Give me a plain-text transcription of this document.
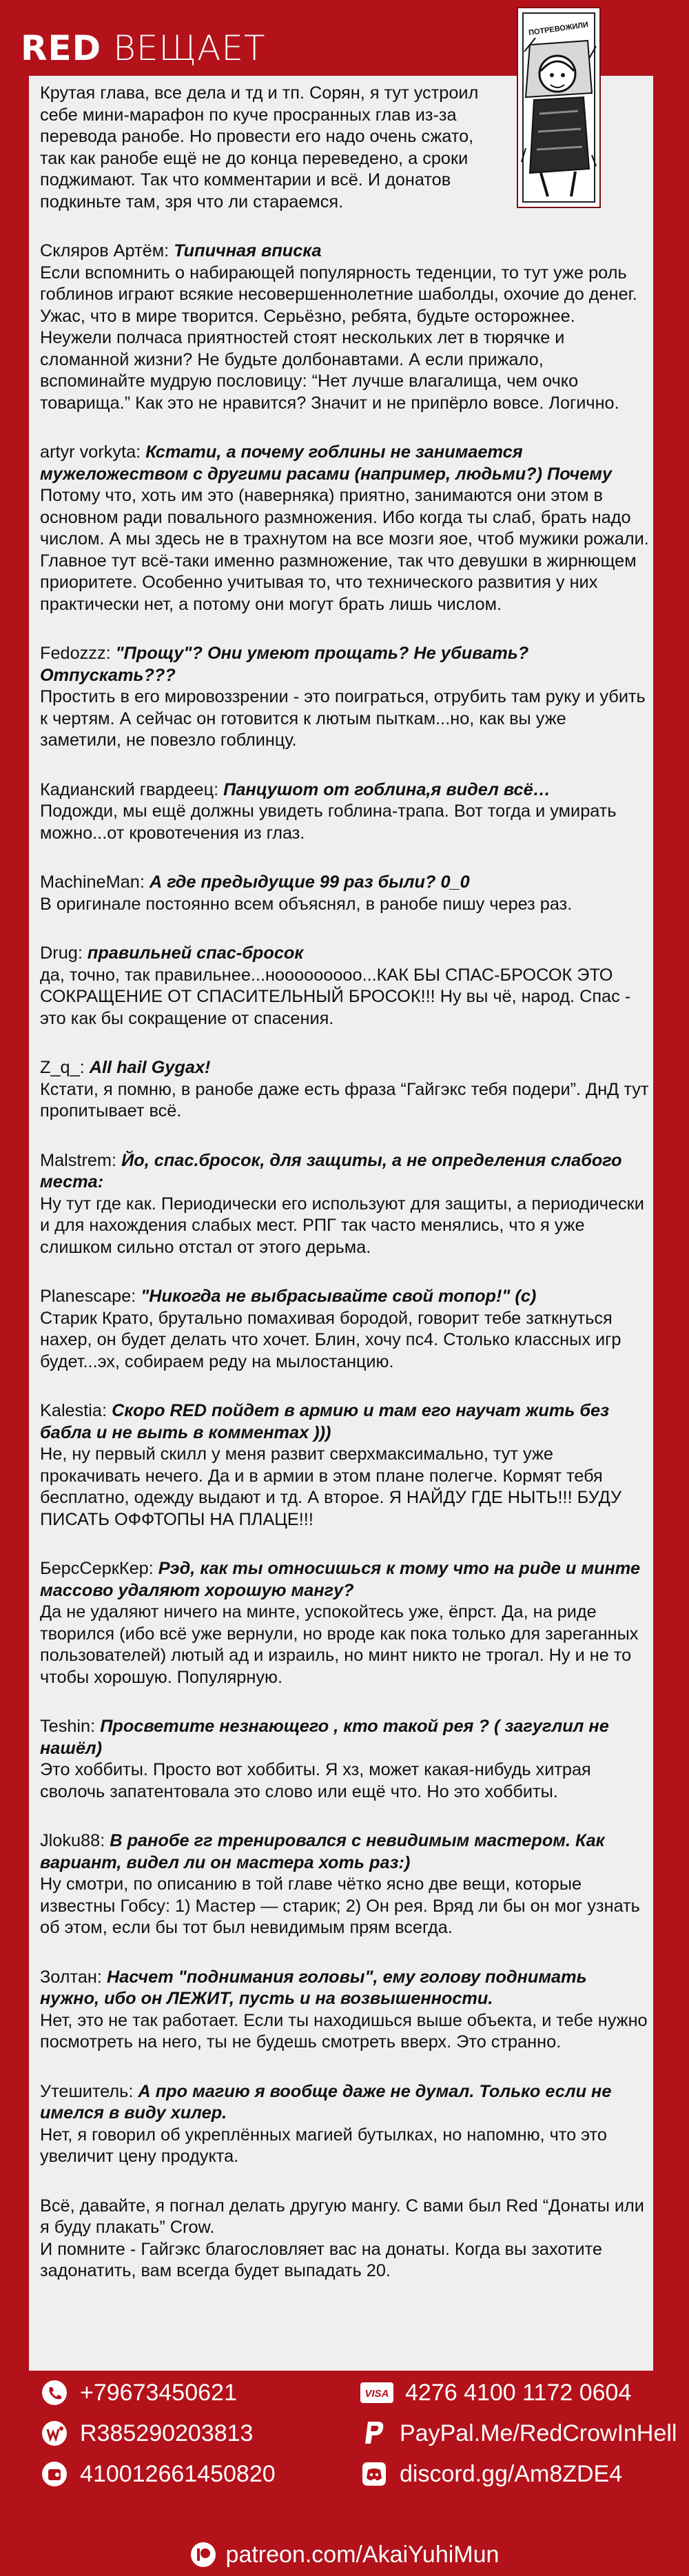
RED ВЕЩАЕТ	ПОТРЕВОЖИЛИ
Крутая глава, все дела и тд и тп. Сорян, я тут устроил себе мини-марафон по куче просранных глав из-за перевода ранобе. Но провести его надо очень сжато, так как ранобе ещё не до конца переведено, а сроки поджимают. Так что комментарии и всё. И донатов подкиньте там, зря что ли стараемся.
Скляров Артём: Типичная вписка
Если вспомнить о набирающей популярность теденции, то тут уже роль гоблинов играют всякие несовершеннолетние шаболды, охочие до денег. Ужас, что в мире творится. Серьёзно, ребята, будьте осторожнее. Неужели полчаса приятностей стоят нескольких лет в тюрячке и сломанной жизни? Не будьте долбонавтами. А если прижало, вспоминайте мудрую пословицу: “Нет лучше влагалища, чем очко товарища.” Как это не нравится? Значит и не припёрло вовсе. Логично.
artyr vorkyta: Кстати, а почему гоблины не занимается мужеложеством с другими расами (например, людьми?) Почему
Потому что, хоть им это (наверняка) приятно, занимаются они этом в основном ради повального размножения. Ибо когда ты слаб, брать надо числом. А мы здесь не в трахнутом на все мозги яое, чтоб мужики рожали. Главное тут всё-таки именно размножение, так что девушки в жирнющем приоритете. Особенно учитывая то, что технического развития у них практически нет, а потому они могут брать лишь числом.
Fedozzz: "Прощу"? Они умеют прощать? Не убивать? Отпускать???
Простить в его мировоззрении - это поиграться, отрубить там руку и убить к чертям. А сейчас он готовится к лютым пыткам...но, как вы уже заметили, не повезло гоблинцу.
Кадианский гвардеец: Панцушот от гоблина,я видел всё…
Подожди, мы ещё должны увидеть гоблина-трапа. Вот тогда и умирать можно...от кровотечения из глаз.
MachineMan: А где предыдущие 99 раз были? 0_0
В оригинале постоянно всем объяснял, в ранобе пишу через раз.
Drug: правильней спас-бросок
да, точно, так правильнее...нооооооооо...КАК БЫ СПАС-БРОСОК ЭТО СОКРАЩЕНИЕ ОТ СПАСИТЕЛЬНЫЙ БРОСОК!!! Ну вы чё, народ. Спас - это как бы сокращение от спасения.
Z_q_: All hail Gygax!
Кстати, я помню, в ранобе даже есть фраза “Гайгэкс тебя подери”. ДнД тут пропитывает всё.
Malstrem: Йо, спас.бросок, для защиты, а не определения слабого места:
Ну тут где как. Периодически его используют для защиты, а периодически и для нахождения слабых мест. РПГ так часто менялись, что я уже слишком сильно отстал от этого дерьма.
Planescape: "Никогда не выбрасывайте свой топор!" (с)
Старик Крато, брутально помахивая бородой, говорит тебе заткнуться нахер, он будет делать что хочет. Блин, хочу пс4. Столько классных игр будет...эх, собираем реду на мылостанцию.
Kalestia: Скоро RED пойдет в армию и там его научат жить без бабла и не выть в комментах )))
Не, ну первый скилл у меня развит сверхмаксимально, тут уже прокачивать нечего. Да и в армии в этом плане полегче. Кормят тебя бесплатно, одежду выдают и тд. А второе. Я НАЙДУ ГДЕ НЫТЬ!!! БУДУ ПИСАТЬ ОФФТОПЫ НА ПЛАЦЕ!!!
БерсСеркКер: Рэд, как ты относишься к тому что на риде и минте массово удаляют хорошую мангу?
Да не удаляют ничего на минте, успокойтесь уже, ёпрст. Да, на риде творился (ибо всё уже вернули, но вроде как пока только для зареганных пользователей) лютый ад и израиль, но минт никто не трогал. Ну и не то чтобы хорошую. Популярную.
Teshin: Просветите незнающего , кто такой рея ? ( загуглил не нашёл)
Это хоббиты. Просто вот хоббиты. Я хз, может какая-нибудь хитрая сволочь запатентовала это слово или ещё что. Но это хоббиты.
Jloku88: В ранобе гг тренировался с невидимым мастером. Как вариант, видел ли он мастера хоть раз:)
Ну смотри, по описанию в той главе чётко ясно две вещи, которые известны Гобсу: 1) Мастер — старик; 2) Он рея. Вряд ли бы он мог узнать об этом, если бы тот был невидимым прям всегда.
Золтан: Насчет "поднимания головы", ему голову поднимать нужно, ибо он ЛЕЖИТ, пусть и на возвышенности.
Нет, это не так работает. Если ты находишься выше объекта, и тебе нужно посмотреть на него, ты не будешь смотреть вверх. Это странно.
Утешитель: А про магию я вообще даже не думал. Только если не имелся в виду хилер.
Нет, я говорил об укреплённых магией бутылках, но напомню, что это увеличит цену продукта.

Всё, давайте, я погнал делать другую мангу. С вами был Red “Донаты или я буду плакать” Crow.

И помните - Гайгэкс благословляет вас на донаты. Когда вы захотите задонатить, вам всегда будет выпадать 20.

+79673450621
R385290203813
410012661450820
VISA 4276 4100 1172 0604
PayPal.Me/RedCrowInHell
discord.gg/Am8ZDE4
patreon.com/AkaiYuhiMun
